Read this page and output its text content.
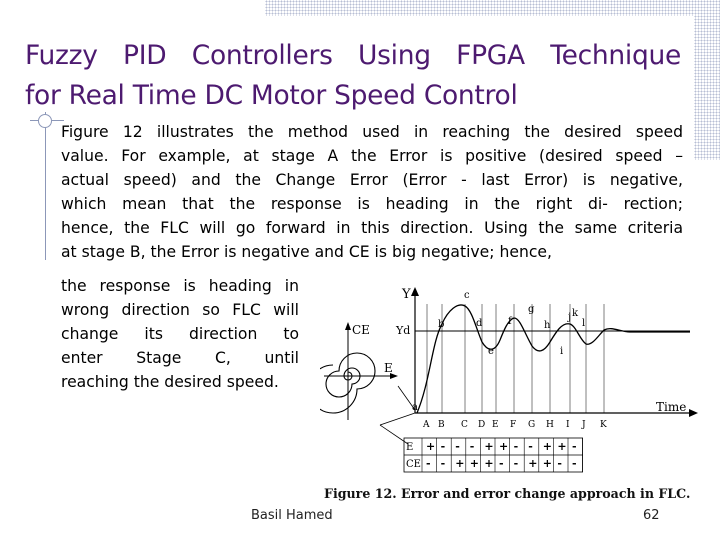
Fuzzy PID Controllers Using FPGA Technique
for Real Time DC Motor Speed Control
Figure 12 illustrates the method used in reaching the desired speed
value. For example, at stage A the Error is positive (desired speed –
actual speed) and the Change Error (Error - last Error) is negative,
which mean that the response is heading in the right di- rection;
hence, the FLC will go forward in this direction. Using the same criteria
at stage B, the Error is negative and CE is big negative; hence,
the response is heading in
wrong direction so FLC will
change its direction to
enter Stage C, until
reaching the desired speed.
Y
Yd
Time
a
b
c
d
e
f
g
h
i
j k
l
A B C D E F G H I J K
CE
E
E
CE
+ - - - + + - - + + -
- - + + + - - + + - -
Figure 12. Error and error change approach in FLC.
Basil Hamed	62
